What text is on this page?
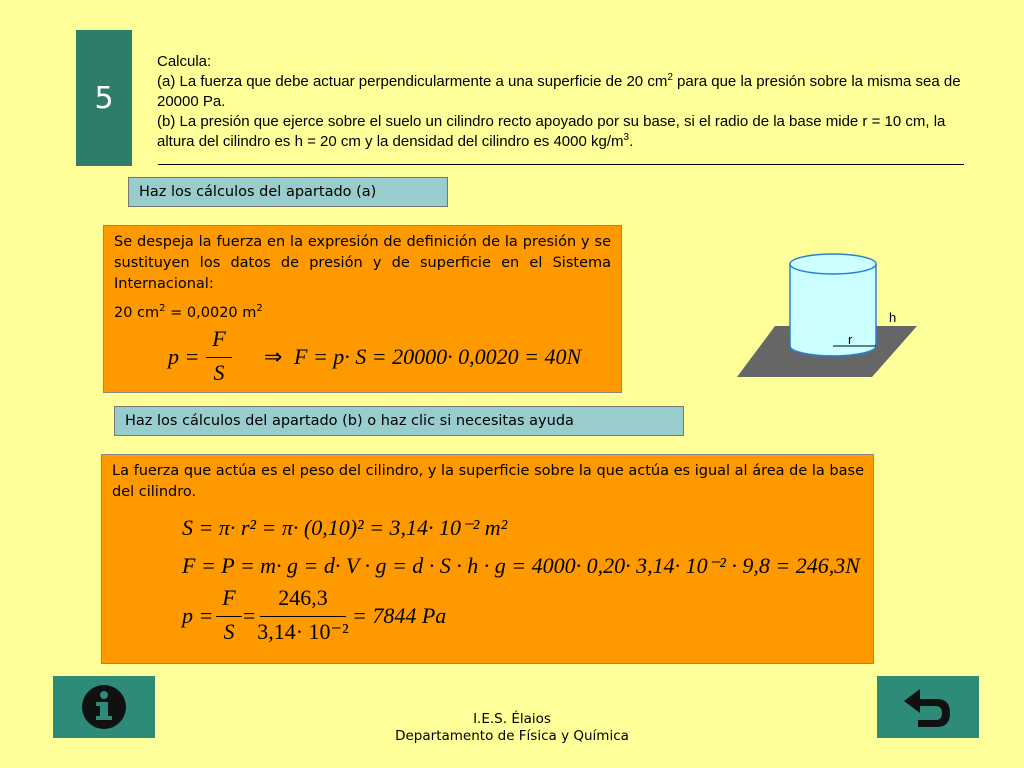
5

Calcula:

(a) La fuerza que debe actuar perpendicularmente a una superficie de 20 $cm^2$ para que la presión sobre la misma sea de 20000 Pa.

(b) La presión que ejerce sobre el suelo un cilindro recto apoyado por su base, si el radio de la base mide r = 10 cm, la altura del cilindro es h = 20 cm y la densidad del cilindro es 4000 $kg/m^3$.

Haz los cálculos del apartado (a)

Se despeja la fuerza en la expresión de definición de la presión y se sustituyen los datos de presión y de superficie en el Sistema Internacional:

20 $cm^2 = 0,0020$ $m^2$

p =
F
S
⇒ F = p· S = 20000· 0,0020 = 40N
r
h
Haz los cálculos del apartado (b) o haz clic si necesitas ayuda

La fuerza que actúa es el peso del cilindro, y la superficie sobre la que actúa es igual al área de la base del cilindro.

S = π· r² = π· (0,10)² = 3,14· 10⁻² m²
F = P = m· g = d· V · g = d · S · h · g = 4000· 0,20· 3,14· 10⁻² · 9,8 = 246,3N
p =
F
S
=
246,3
3,14· 10⁻²
= 7844 Pa
I.E.S. Élaios
Departamento de Física y Química
